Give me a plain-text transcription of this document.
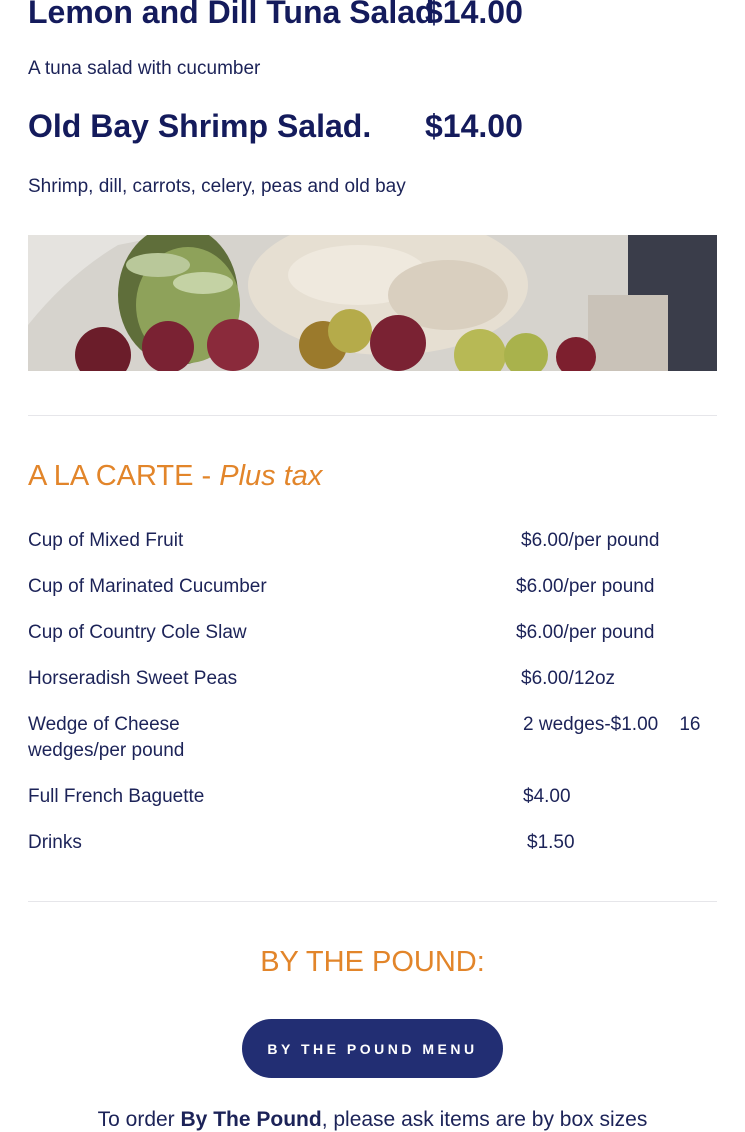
Lemon and Dill Tuna Salad
$14.00
A tuna salad with cucumber
Old Bay Shrimp Salad. $14.00
Shrimp, dill, carrots, celery, peas and old bay
A LA CARTE - Plus tax
Cup of Mixed Fruit	$6.00/per pound
Cup of Marinated Cucumber	$6.00/per pound
Cup of Country Cole Slaw	$6.00/per pound
Horseradish Sweet Peas	$6.00/12oz
Wedge of Cheese	2 wedges-$1.00    16
wedges/per pound
Full French Baguette	$4.00
Drinks	$1.50
BY THE POUND:
BY THE POUND MENU
To order By The Pound, please ask items are by box sizes
